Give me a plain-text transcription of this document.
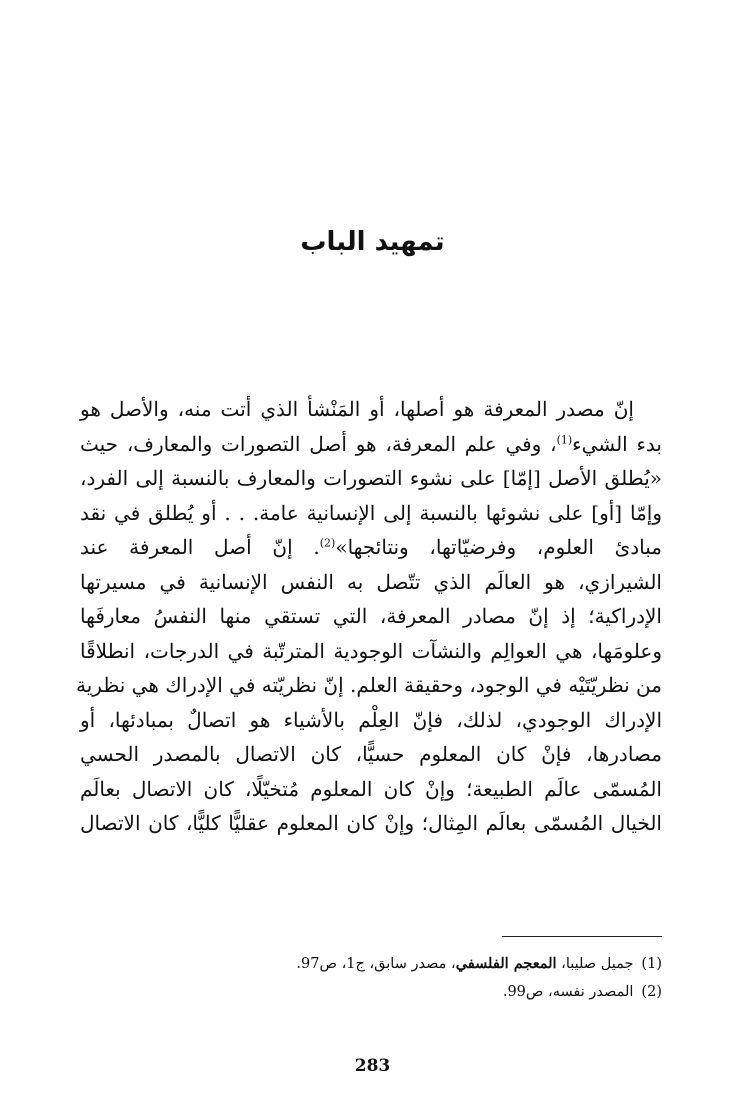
تمهيد الباب
إنّ مصدر المعرفة هو أصلها، أو المَنْشأ الذي أتت منه، والأصل هو
بدء الشيء$^{(1)}$، وفي علم المعرفة، هو أصل التصورات والمعارف، حيث
«يُطلق الأصل [إمّا] على نشوء التصورات والمعارف بالنسبة إلى الفرد،
وإمّا [أو] على نشوئها بالنسبة إلى الإنسانية عامة. . . أو يُطلق في نقد
مبادئ العلوم، وفرضيّاتها، ونتائجها»$^{(2)}$. إنّ أصل المعرفة عند
الشيرازي، هو العالَم الذي تتّصل به النفس الإنسانية في مسيرتها
الإدراكية؛ إذ إنّ مصادر المعرفة، التي تستقي منها النفسُ معارفَها
وعلومَها، هي العوالِم والنشآت الوجودية المترتّبة في الدرجات، انطلاقًا
من نظريّتَيْه في الوجود، وحقيقة العلم. إنّ نظريّته في الإدراك هي نظرية
الإدراك الوجودي، لذلك، فإنّ العِلْم بالأشياء هو اتصالٌ بمبادئها، أو
مصادرها، فإنْ كان المعلوم حسيًّا، كان الاتصال بالمصدر الحسي
المُسمّى عالَم الطبيعة؛ وإنْ كان المعلوم مُتخيّلًا، كان الاتصال بعالَم
الخيال المُسمّى بعالَم المِثال؛ وإنْ كان المعلوم عقليًّا كليًّا، كان الاتصال
(1)جميل صليبا، المعجم الفلسفي، مصدر سابق، ج1، ص97.
(2)المصدر نفسه، ص99.
283
